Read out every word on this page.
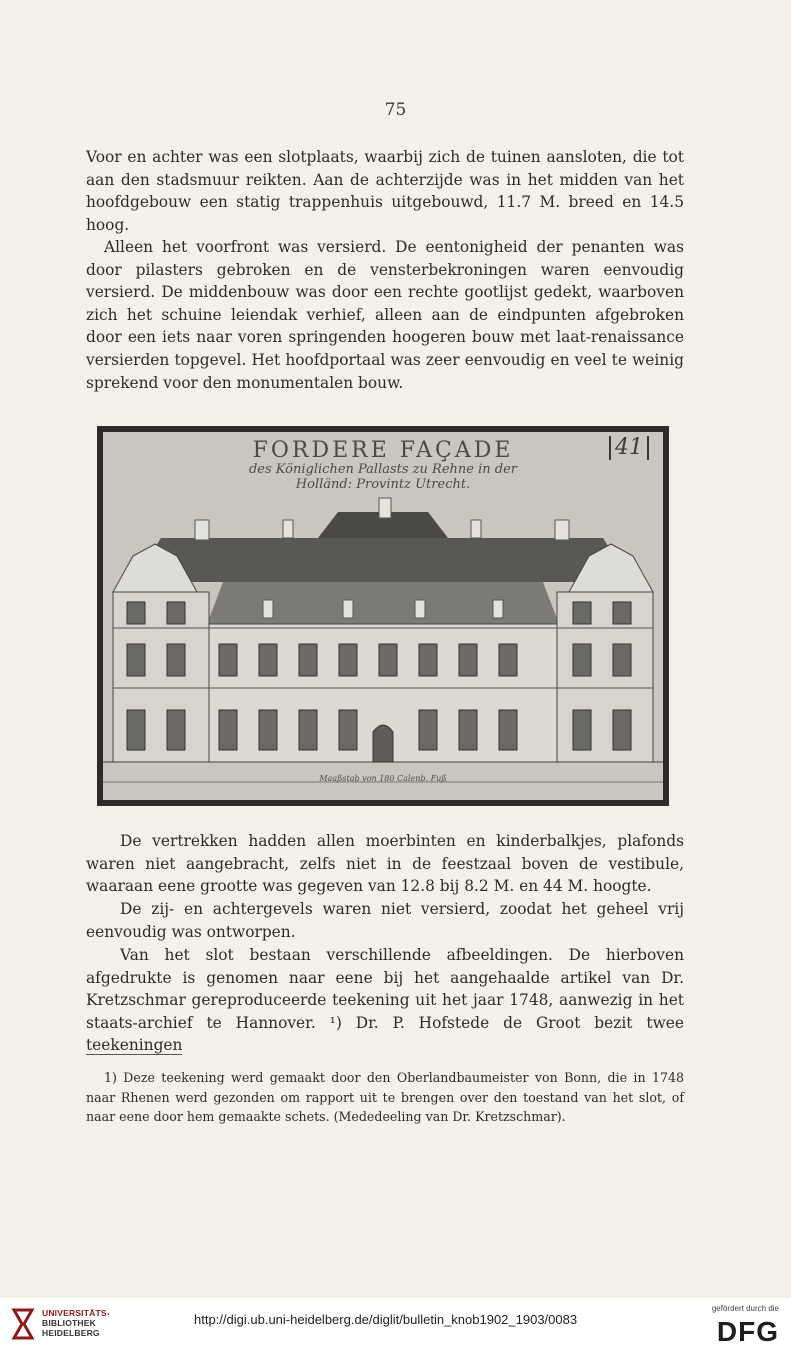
75

Voor en achter was een slotplaats, waarbij zich de tuinen aansloten, die tot aan den stadsmuur reikten. Aan de achterzijde was in het midden van het hoofdgebouw een statig trappenhuis uitgebouwd, 11.7 M. breed en 14.5 hoog.

Alleen het voorfront was versierd. De eentonigheid der penanten was door pilasters gebroken en de vensterbekroningen waren eenvoudig versierd. De middenbouw was door een rechte gootlijst gedekt, waarboven zich het schuine leiendak verhief, alleen aan de eindpunten afgebroken door een iets naar voren springenden hoogeren bouw met laat-renaissance versierden topgevel. Het hoofdportaal was zeer eenvoudig en veel te weinig sprekend voor den monumentalen bouw.

FORDERE FAÇADE
des Königlichen Pallasts zu Rehne in der
Holländ: Provintz Utrecht.
41
Maaßstab von 180 Calenb. Fuß

De vertrekken hadden allen moerbinten en kinderbalkjes, plafonds waren niet aangebracht, zelfs niet in de feestzaal boven de vestibule, waaraan eene grootte was gegeven van 12.8 bij 8.2 M. en 44 M. hoogte.

De zij- en achtergevels waren niet versierd, zoodat het geheel vrij eenvoudig was ontworpen.

Van het slot bestaan verschillende afbeeldingen. De hierboven afgedrukte is genomen naar eene bij het aangehaalde artikel van Dr. Kretzschmar gereproduceerde teekening uit het jaar 1748, aanwezig in het staats-archief te Hannover. ¹) Dr. P. Hofstede de Groot bezit twee teekeningen

1) Deze teekening werd gemaakt door den Oberlandbaumeister von Bonn, die in 1748 naar Rhenen werd gezonden om rapport uit te brengen over den toestand van het slot, of naar eene door hem gemaakte schets. (Mededeeling van Dr. Kretzschmar).

UNIVERSITÄTS-
BIBLIOTHEK
HEIDELBERG
http://digi.ub.uni-heidelberg.de/diglit/bulletin_knob1902_1903/0083
gefördert durch die
DFG
